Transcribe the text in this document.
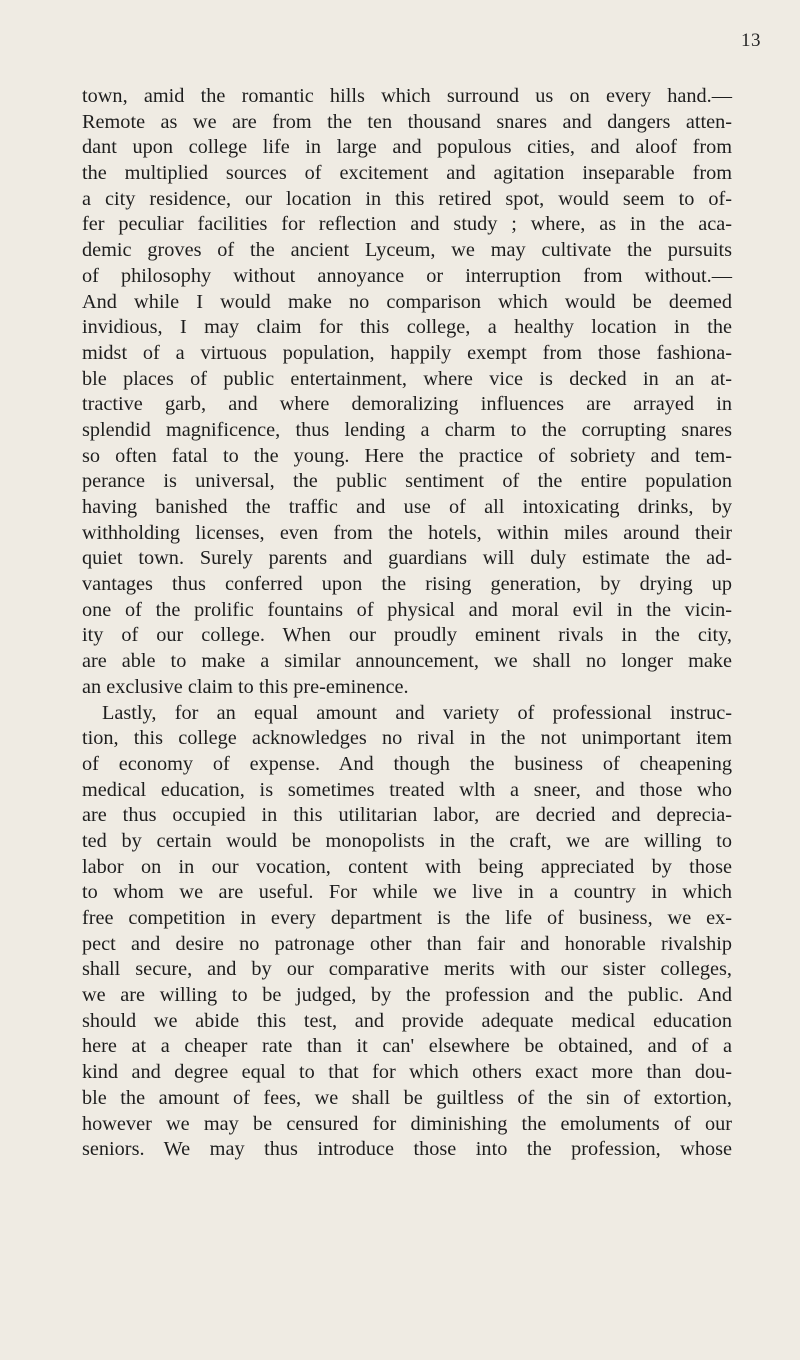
13
town, amid the romantic hills which surround us on every hand.—
Remote as we are from the ten thousand snares and dangers atten-
dant upon college life in large and populous cities, and aloof from
the multiplied sources of excitement and agitation inseparable from
a city residence, our location in this retired spot, would seem to of-
fer peculiar facilities for reflection and study ; where, as in the aca-
demic groves of the ancient Lyceum, we may cultivate the pursuits
of philosophy without annoyance or interruption from without.—
And while I would make no comparison which would be deemed
invidious, I may claim for this college, a healthy location in the
midst of a virtuous population, happily exempt from those fashiona-
ble places of public entertainment, where vice is decked in an at-
tractive garb, and where demoralizing influences are arrayed in
splendid magnificence, thus lending a charm to the corrupting snares
so often fatal to the young. Here the practice of sobriety and tem-
perance is universal, the public sentiment of the entire population
having banished the traffic and use of all intoxicating drinks, by
withholding licenses, even from the hotels, within miles around their
quiet town. Surely parents and guardians will duly estimate the ad-
vantages thus conferred upon the rising generation, by drying up
one of the prolific fountains of physical and moral evil in the vicin-
ity of our college. When our proudly eminent rivals in the city,
are able to make a similar announcement, we shall no longer make
an exclusive claim to this pre-eminence.
Lastly, for an equal amount and variety of professional instruc-
tion, this college acknowledges no rival in the not unimportant item
of economy of expense. And though the business of cheapening
medical education, is sometimes treated wlth a sneer, and those who
are thus occupied in this utilitarian labor, are decried and deprecia-
ted by certain would be monopolists in the craft, we are willing to
labor on in our vocation, content with being appreciated by those
to whom we are useful. For while we live in a country in which
free competition in every department is the life of business, we ex-
pect and desire no patronage other than fair and honorable rivalship
shall secure, and by our comparative merits with our sister colleges,
we are willing to be judged, by the profession and the public. And
should we abide this test, and provide adequate medical education
here at a cheaper rate than it can' elsewhere be obtained, and of a
kind and degree equal to that for which others exact more than dou-
ble the amount of fees, we shall be guiltless of the sin of extortion,
however we may be censured for diminishing the emoluments of our
seniors. We may thus introduce those into the profession, whose
